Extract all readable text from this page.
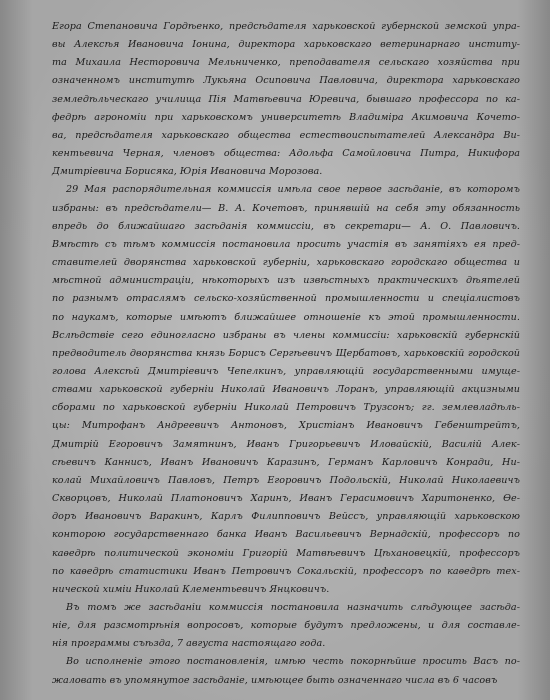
Егора Степановича Гордѣенко, предсѣдателя харьковской губернской земской упра-
вы Алексѣя Ивановича Іонина, директора харьковскаго ветеринарнаго институ-
та Михаила Несторовича Мельниченко, преподавателя сельскаго хозяйства при
означенномъ институтѣ Лукьяна Осиповича Павловича, директора харьковскаго
земледѣльческаго училища Пія Матвѣевича Юревича, бывшаго профессора по ка-
федрѣ агрономіи при харьковскомъ университетѣ Владиміра Акимовича Кочето-
ва, предсѣдателя харьковскаго общества естествоиспытателей Александра Ви-
кентьевича Черная, членовъ общества: Адольфа Самойловича Питра, Никифора
Дмитріевича Борисяка, Юрія Ивановича Морозова.
29 Мая распорядительная коммиссія имѣла свое первое засѣданіе, въ которомъ
избраны: въ предсѣдатели— В. А. Кочетовъ, принявшій на себя эту обязанность
впредь до ближайшаго засѣданія коммиссіи, въ секретари— А. О. Павловичъ.
Вмѣстѣ съ тѣмъ коммиссія постановила просить участія въ занятіяхъ ея пред-
ставителей дворянства харьковской губерніи, харьковскаго городскаго общества и
мѣстной администраціи, нѣкоторыхъ изъ извѣстныхъ практическихъ дѣятелей
по разнымъ отраслямъ сельско-хозяйственной промышленности и спеціалистовъ
по наукамъ, которые имѣютъ ближайшее отношеніе къ этой промышленности.
Вслѣдствіе сего единогласно избраны въ члены коммиссіи: харьковскій губернскій
предводитель дворянства князь Борисъ Сергѣевичъ Щербатовъ, харьковскій городской
голова Алексѣй Дмитріевичъ Чепелкинъ, управляющій государственными имуще-
ствами харьковской губерніи Николай Ивановичъ Лоранъ, управляющій акцизными
сборами по харьковской губерніи Николай Петровичъ Трузсонъ; гг. землевладѣль-
цы: Митрофанъ Андреевичъ Антоновъ, Христіанъ Ивановичъ Гебенштрейтъ,
Дмитрій Егоровичъ Замятнинъ, Иванъ Григорьевичъ Иловайскій, Василій Алек-
сѣевичъ Каннисъ, Иванъ Ивановичъ Каразинъ, Германъ Карловичъ Конради, Ни-
колай Михайловичъ Павловъ, Петръ Егоровичъ Подольскій, Николай Николаевичъ
Скворцовъ, Николай Платоновичъ Харинъ, Иванъ Герасимовичъ Харитоненко, Ѳе-
доръ Ивановичъ Варакинъ, Карлъ Филипповичъ Вейссъ, управляющій харьковскою
конторою государственнаго банка Иванъ Васильевичъ Вернадскій, профессоръ по
каѳедрѣ политической экономіи Григорій Матвѣевичъ Цѣхановецкій, профессоръ
по каѳедрѣ статистики Иванъ Петровичъ Сокальскій, профессоръ по каѳедрѣ тех-
нической химіи Николай Клементьевичъ Янцковичъ.
Въ томъ же засѣданіи коммиссія постановила назначить слѣдующее засѣда-
ніе, для разсмотрѣнія вопросовъ, которые будутъ предложены, и для составле-
нія программы съѣзда, 7 августа настоящаго года.
Во исполненіе этого постановленія, имѣю честь покорнѣйше просить Васъ по-
жаловать въ упомянутое засѣданіе, имѣющее быть означеннаго числа въ 6 часовъ
